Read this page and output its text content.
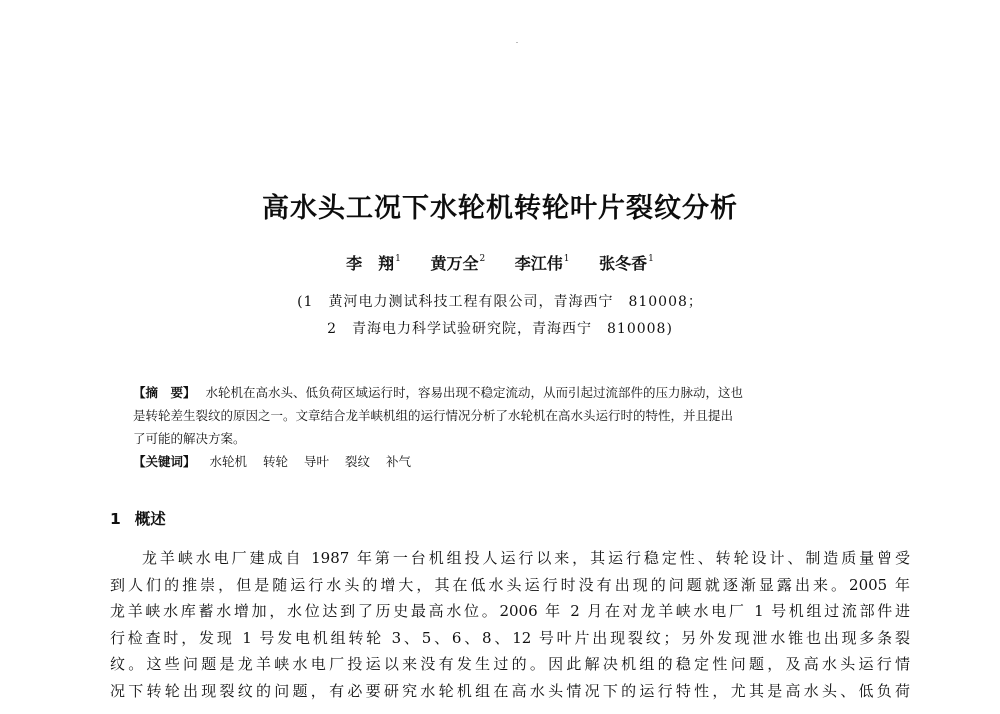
高水头工况下水轮机转轮叶片裂纹分析
李　翔$^1$ 黄万全$^2$ 李江伟$^1$ 张冬香$^1$
(1　黄河电力测试科技工程有限公司，青海西宁　810008；
2　青海电力科学试验研究院，青海西宁　810008)
【摘　要】 水轮机在高水头、低负荷区域运行时，容易出现不稳定流动，从而引起过流部件的压力脉动，这也
是转轮差生裂纹的原因之一。文章结合龙羊峡机组的运行情况分析了水轮机在高水头运行时的特性，并且提出
了可能的解决方案。
【关键词】 水轮机 转轮 导叶 裂纹 补气
1 概述
龙羊峡水电厂建成自 1987 年第一台机组投人运行以来，其运行稳定性、转轮设计、制造质量曾受
到人们的推崇，但是随运行水头的增大，其在低水头运行时没有出现的问题就逐渐显露出来。2005 年
龙羊峡水库蓄水增加，水位达到了历史最高水位。2006 年 2 月在对龙羊峡水电厂 1 号机组过流部件进
行检查时，发现 1 号发电机组转轮 3、5、6、8、12 号叶片出现裂纹；另外发现泄水锥也出现多条裂
纹。这些问题是龙羊峡水电厂投运以来没有发生过的。因此解决机组的稳定性问题，及高水头运行情
况下转轮出现裂纹的问题，有必要研究水轮机组在高水头情况下的运行特性，尤其是高水头、低负荷
